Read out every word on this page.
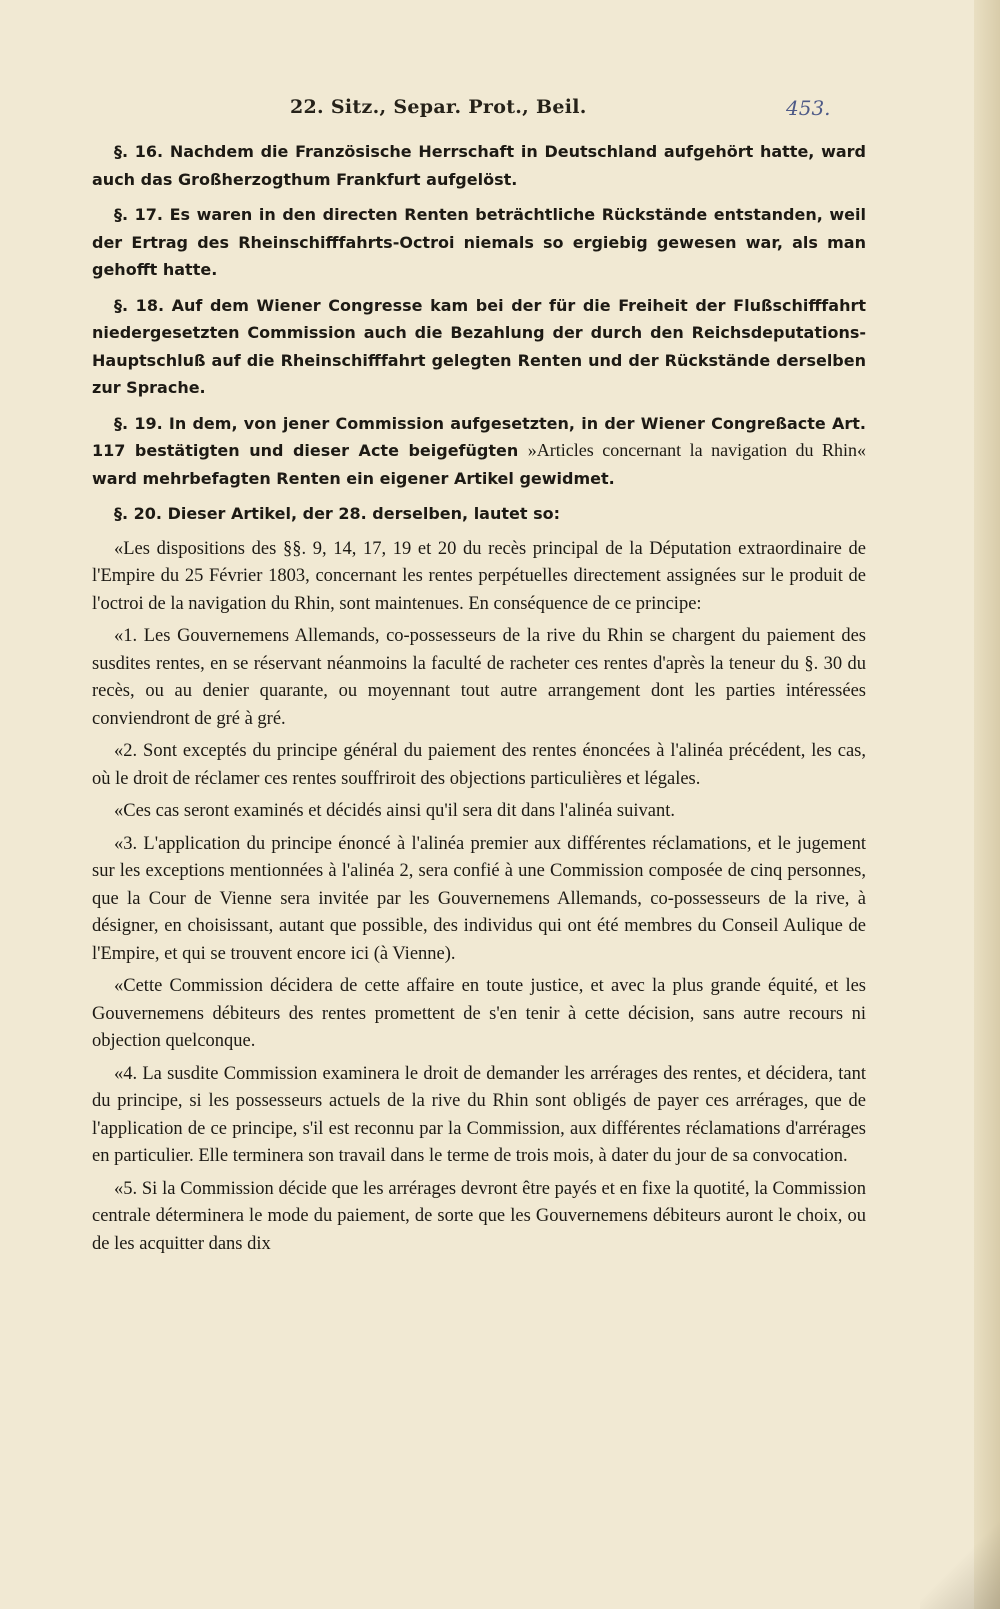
22. Sitz., Separ. Prot., Beil.	453.

§. 16. Nachdem die Französische Herrschaft in Deutschland aufgehört hatte, ward auch das Großherzogthum Frankfurt aufgelöst.

§. 17. Es waren in den directen Renten beträchtliche Rückstände entstanden, weil der Ertrag des Rheinschifffahrts-Octroi niemals so ergiebig gewesen war, als man gehofft hatte.

§. 18. Auf dem Wiener Congresse kam bei der für die Freiheit der Flußschifffahrt niedergesetzten Commission auch die Bezahlung der durch den Reichsdeputations-Hauptschluß auf die Rheinschifffahrt gelegten Renten und der Rückstände derselben zur Sprache.

§. 19. In dem, von jener Commission aufgesetzten, in der Wiener Congreßacte Art. 117 bestätigten und dieser Acte beigefügten »Articles concernant la navigation du Rhin« ward mehrbefagten Renten ein eigener Artikel gewidmet.

§. 20. Dieser Artikel, der 28. derselben, lautet so:

«Les dispositions des §§. 9, 14, 17, 19 et 20 du recès principal de la Députation extraordinaire de l'Empire du 25 Février 1803, concernant les rentes perpétuelles directement assignées sur le produit de l'octroi de la navigation du Rhin, sont maintenues. En conséquence de ce principe:

«1. Les Gouvernemens Allemands, co-possesseurs de la rive du Rhin se chargent du paiement des susdites rentes, en se réservant néanmoins la faculté de racheter ces rentes d'après la teneur du §. 30 du recès, ou au denier quarante, ou moyennant tout autre arrangement dont les parties intéressées conviendront de gré à gré.

«2. Sont exceptés du principe général du paiement des rentes énoncées à l'alinéa précédent, les cas, où le droit de réclamer ces rentes souffriroit des objections particulières et légales.

«Ces cas seront examinés et décidés ainsi qu'il sera dit dans l'alinéa suivant.

«3. L'application du principe énoncé à l'alinéa premier aux différentes réclamations, et le jugement sur les exceptions mentionnées à l'alinéa 2, sera confié à une Commission composée de cinq personnes, que la Cour de Vienne sera invitée par les Gouvernemens Allemands, co-possesseurs de la rive, à désigner, en choisissant, autant que possible, des individus qui ont été membres du Conseil Aulique de l'Empire, et qui se trouvent encore ici (à Vienne).

«Cette Commission décidera de cette affaire en toute justice, et avec la plus grande équité, et les Gouvernemens débiteurs des rentes promettent de s'en tenir à cette décision, sans autre recours ni objection quelconque.

«4. La susdite Commission examinera le droit de demander les arrérages des rentes, et décidera, tant du principe, si les possesseurs actuels de la rive du Rhin sont obligés de payer ces arrérages, que de l'application de ce principe, s'il est reconnu par la Commission, aux différentes réclamations d'arrérages en particulier. Elle terminera son travail dans le terme de trois mois, à dater du jour de sa convocation.

«5. Si la Commission décide que les arrérages devront être payés et en fixe la quotité, la Commission centrale déterminera le mode du paiement, de sorte que les Gouvernemens débiteurs auront le choix, ou de les acquitter dans dix
